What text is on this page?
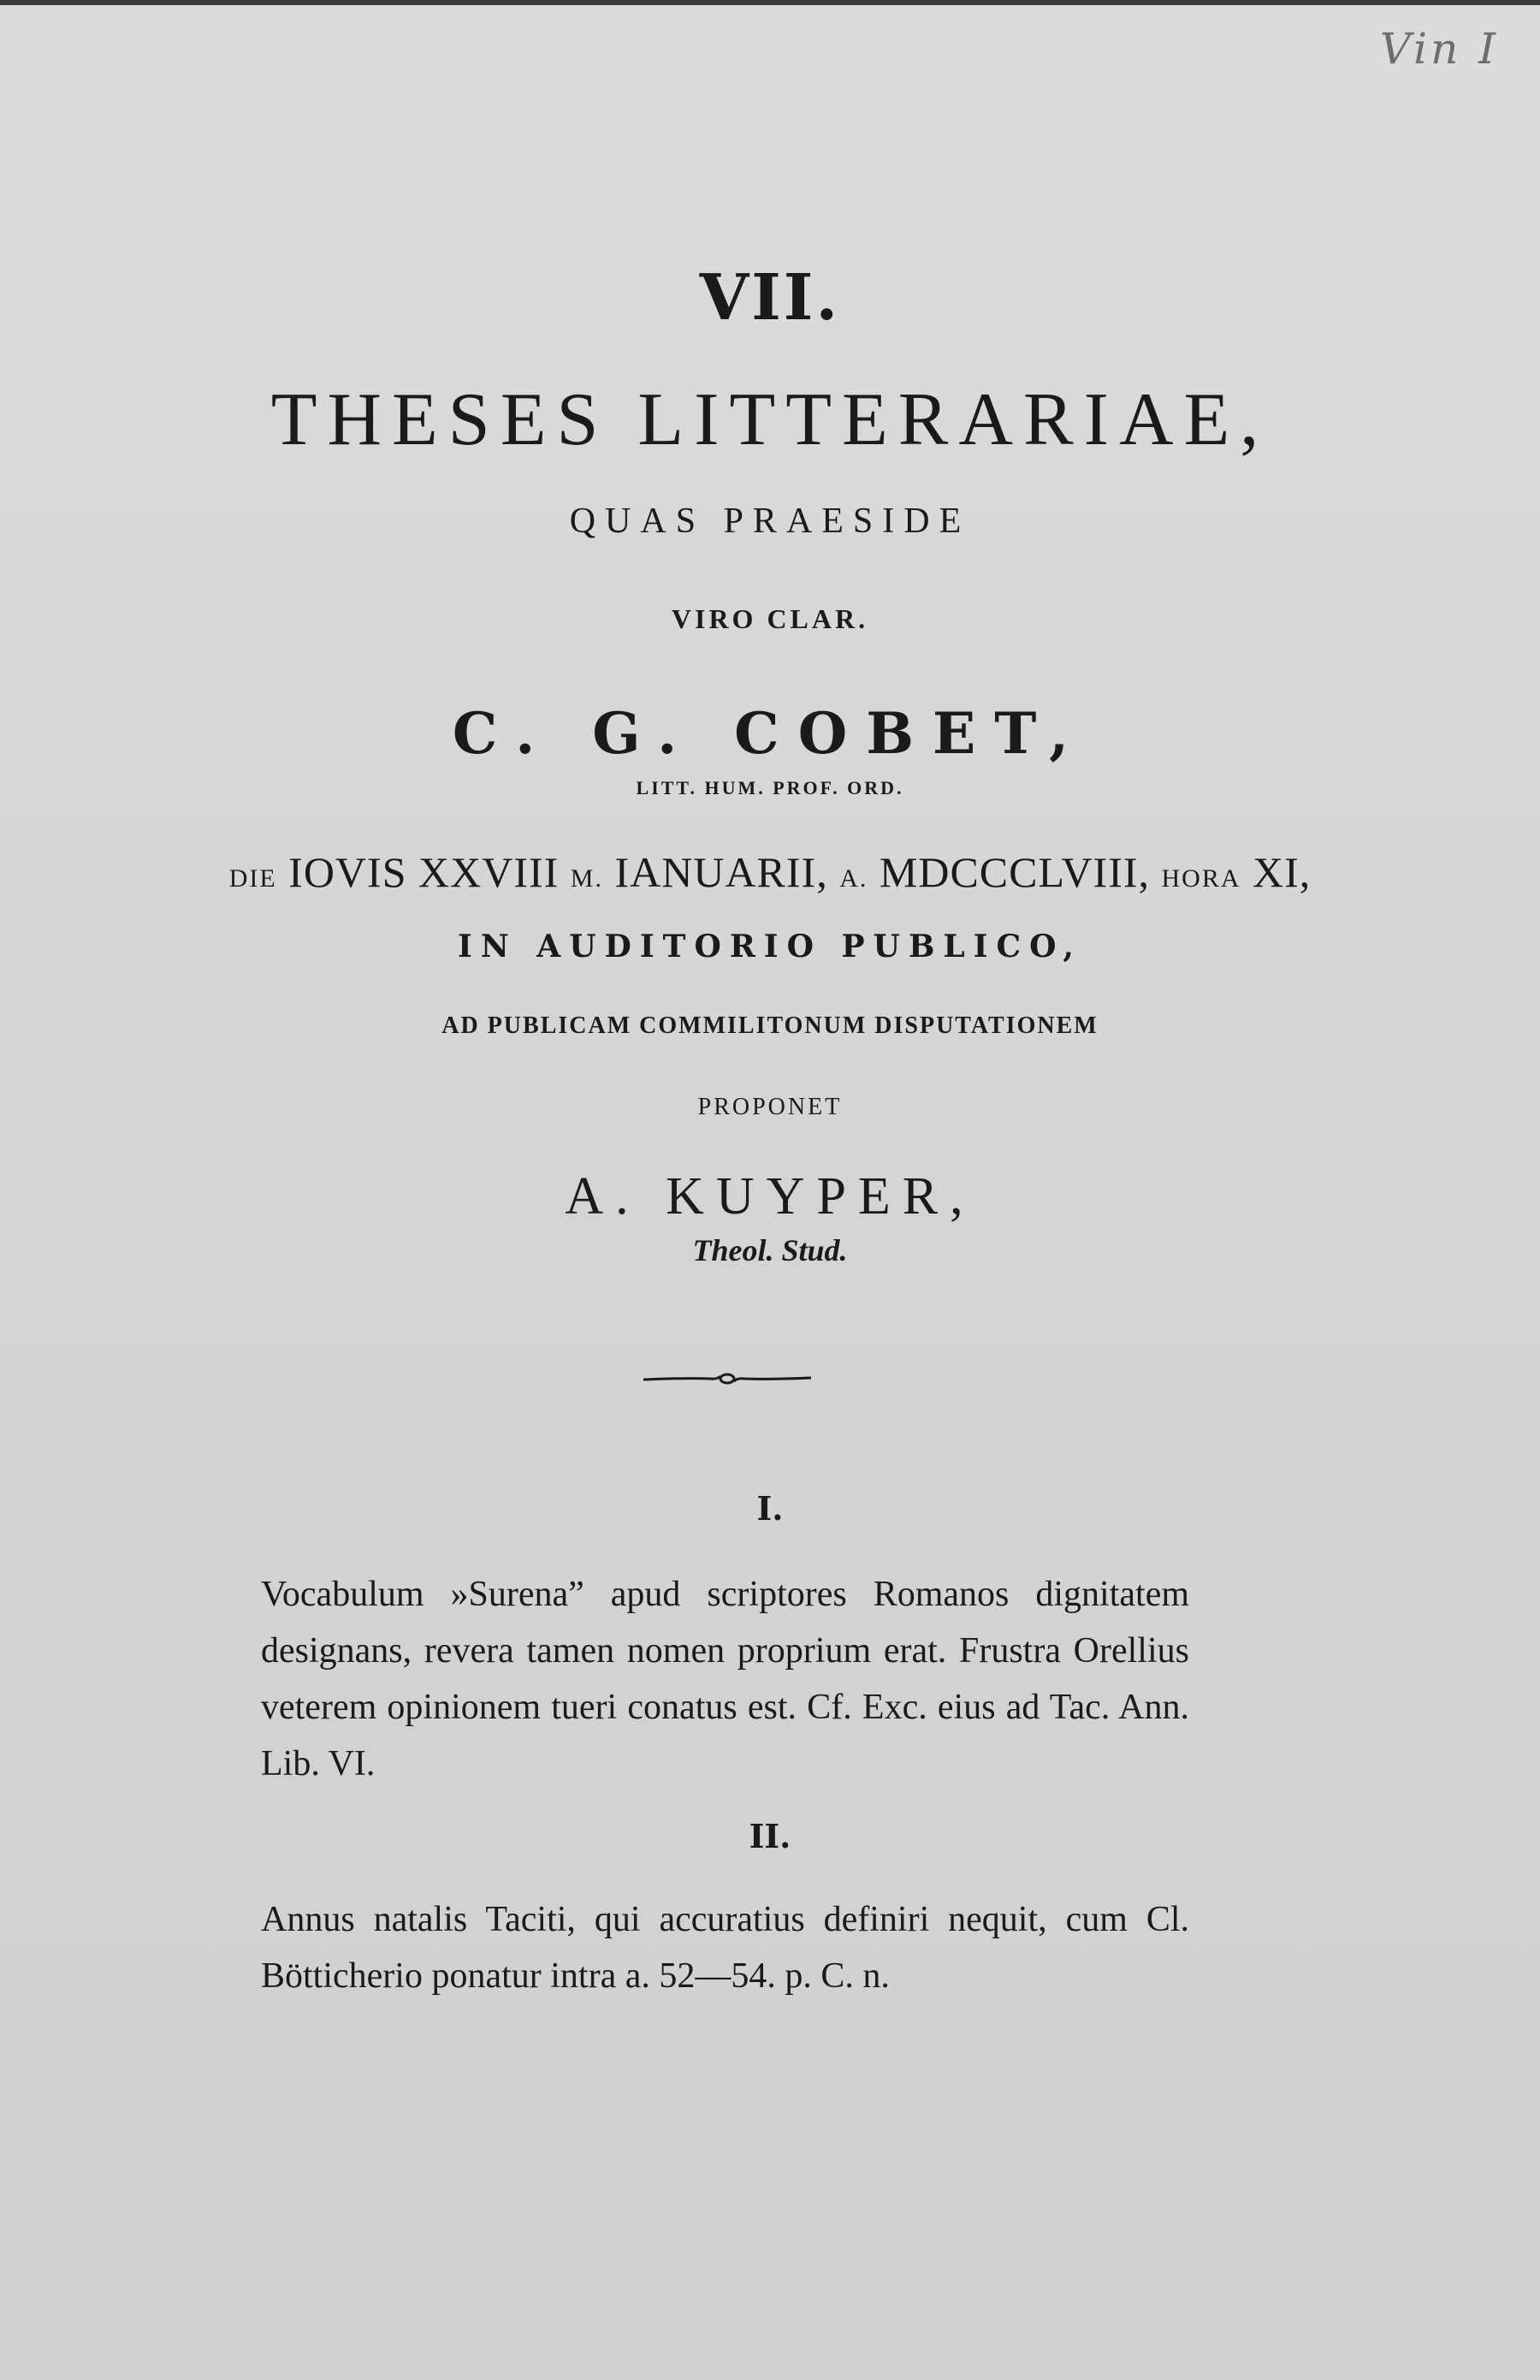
Vin I
VII.
THESES LITTERARIAE,
QUAS PRAESIDE
VIRO CLAR.
C. G. COBET,
LITT. HUM. PROF. ORD.
DIE IOVIS XXVIII M. IANUARII, A. MDCCCLVIII, HORA XI,
IN AUDITORIO PUBLICO,
AD PUBLICAM COMMILITONUM DISPUTATIONEM
PROPONET
A. KUYPER,
Theol. Stud.
I.
Vocabulum »Surena” apud scriptores Romanos dignitatem designans, revera tamen nomen proprium erat. Frustra Orellius veterem opinionem tueri conatus est. Cf. Exc. eius ad Tac. Ann. Lib. VI.
II.
Annus natalis Taciti, qui accuratius definiri nequit, cum Cl. Bötticherio ponatur intra a. 52—54. p. C. n.
